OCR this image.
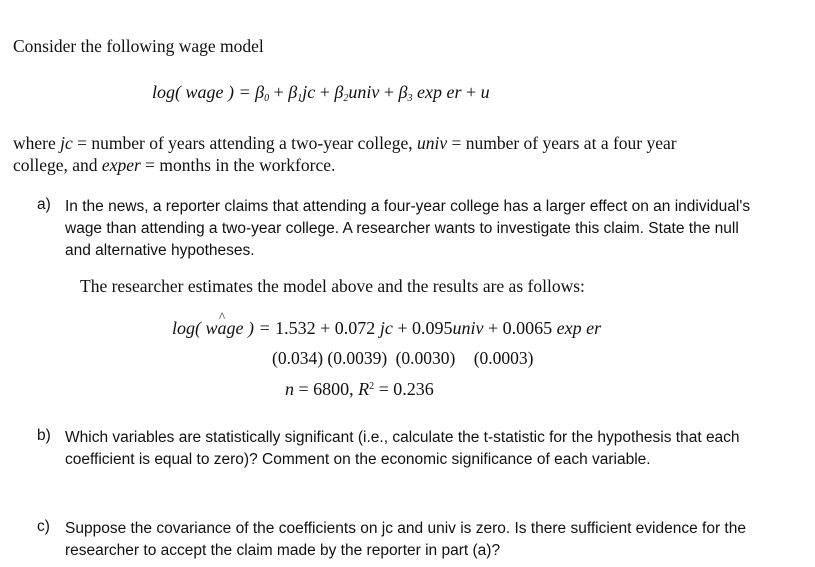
Consider the following wage model
log( wage ) = $\beta_0 + \beta_1jc$ + $\beta_2univ + \beta_3$ exp er + u
where jc = number of years attending a two-year college, univ = number of years at a four year college, and exper = months in the workforce.
a) In the news, a reporter claims that attending a four-year college has a larger effect on an individual's wage than attending a two-year college. A researcher wants to investigate this claim. State the null and alternative hypotheses.
The researcher estimates the model above and the results are as follows:
log( wa ^ge ) = 1.532 + 0.072 jc + 0.095univ + 0.0065 exp er
(0.034) (0.0039) (0.0030) (0.0003)
n = 6800, $R^2 = 0.236$
b) Which variables are statistically significant (i.e., calculate the t-statistic for the hypothesis that each coefficient is equal to zero)? Comment on the economic significance of each variable.
c) Suppose the covariance of the coefficients on jc and univ is zero. Is there sufficient evidence for the researcher to accept the claim made by the reporter in part (a)?
